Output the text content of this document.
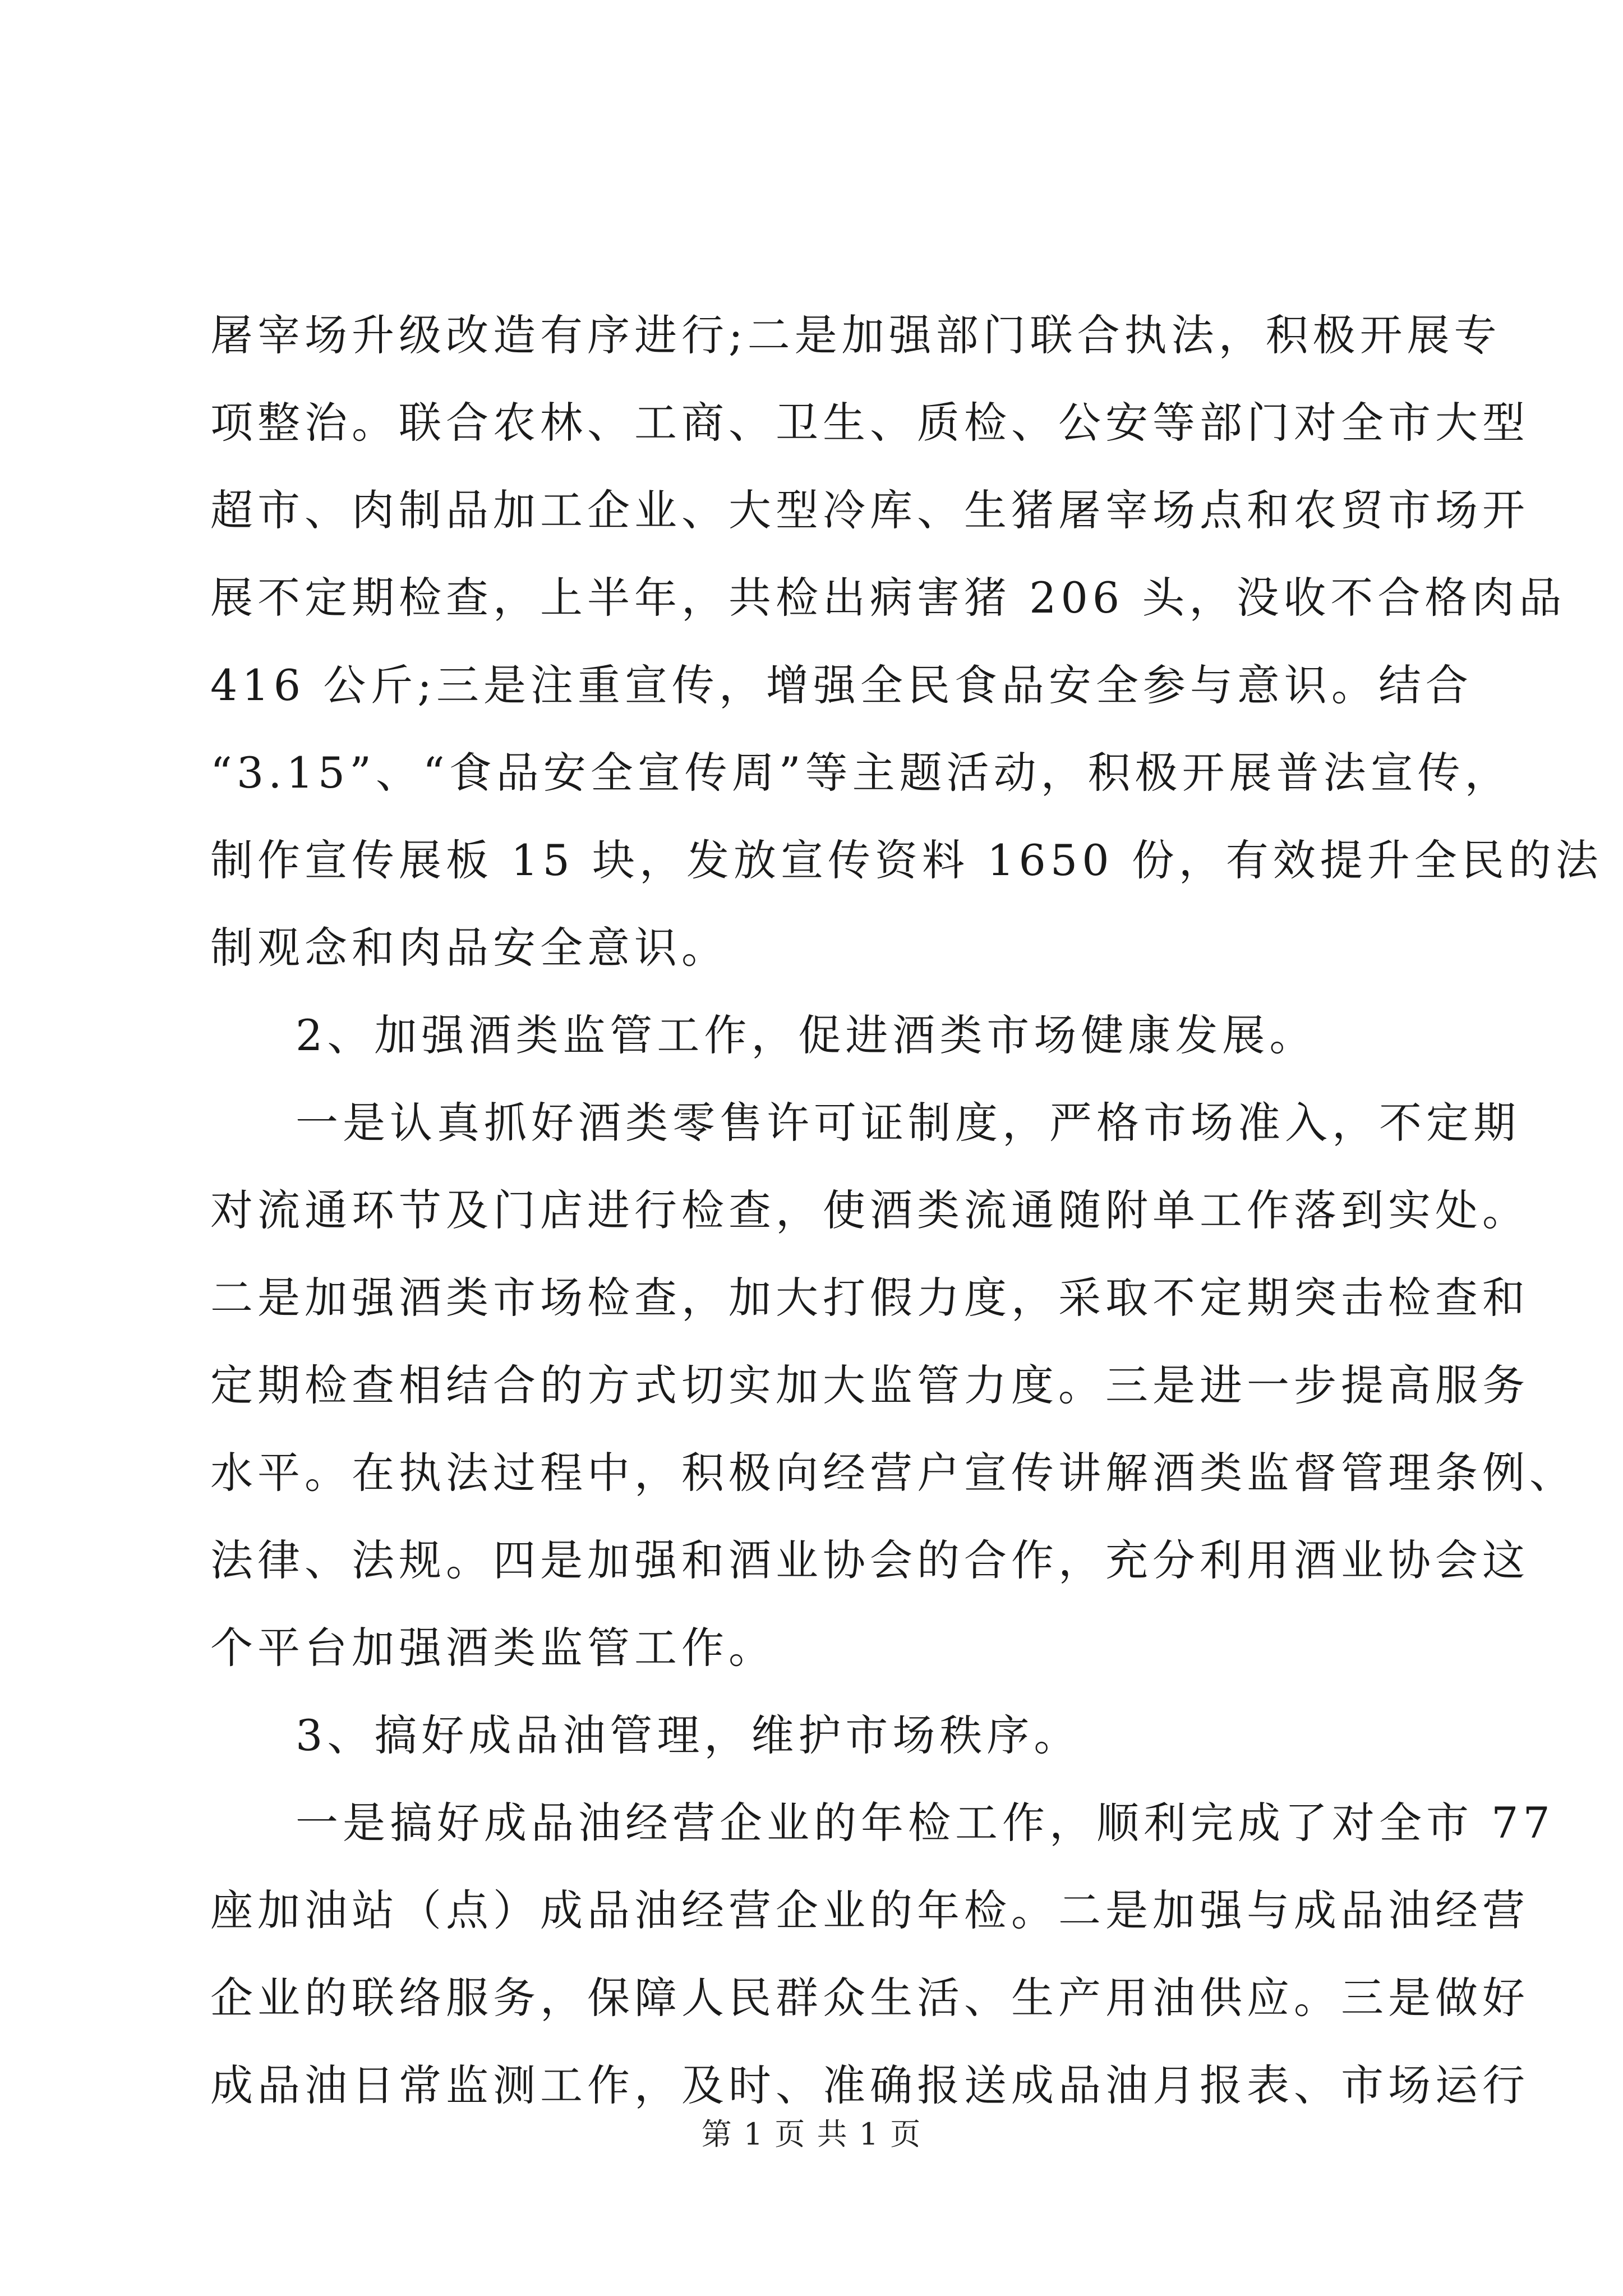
屠宰场升级改造有序进行;二是加强部门联合执法，积极开展专
项整治。联合农林、工商、卫生、质检、公安等部门对全市大型
超市、肉制品加工企业、大型冷库、生猪屠宰场点和农贸市场开
展不定期检查，上半年，共检出病害猪 206 头，没收不合格肉品
416 公斤;三是注重宣传，增强全民食品安全参与意识。结合
“3.15”、“食品安全宣传周”等主题活动，积极开展普法宣传，
制作宣传展板 15 块，发放宣传资料 1650 份，有效提升全民的法
制观念和肉品安全意识。
2、加强酒类监管工作，促进酒类市场健康发展。
一是认真抓好酒类零售许可证制度，严格市场准入，不定期
对流通环节及门店进行检查，使酒类流通随附单工作落到实处。
二是加强酒类市场检查，加大打假力度，采取不定期突击检查和
定期检查相结合的方式切实加大监管力度。三是进一步提高服务
水平。在执法过程中，积极向经营户宣传讲解酒类监督管理条例、
法律、法规。四是加强和酒业协会的合作，充分利用酒业协会这
个平台加强酒类监管工作。
3、搞好成品油管理，维护市场秩序。
一是搞好成品油经营企业的年检工作，顺利完成了对全市 77
座加油站（点）成品油经营企业的年检。二是加强与成品油经营
企业的联络服务，保障人民群众生活、生产用油供应。三是做好
成品油日常监测工作，及时、准确报送成品油月报表、市场运行
第 1 页 共 1 页
